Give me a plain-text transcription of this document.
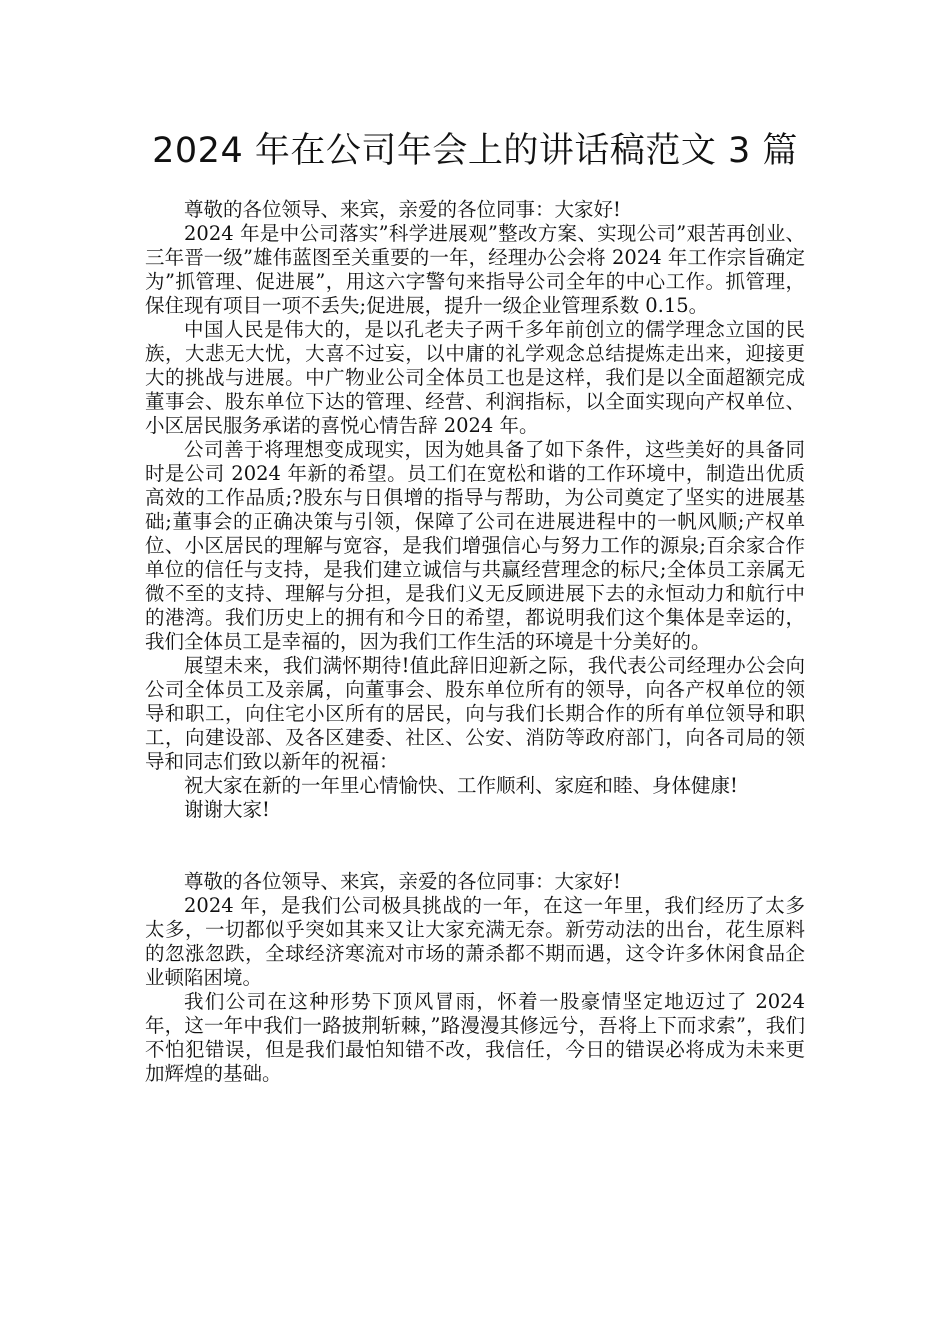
2024 年在公司年会上的讲话稿范文 3 篇

尊敬的各位领导、来宾，亲爱的各位同事：大家好!

2024 年是中公司落实”科学进展观”整改方案、实现公司”艰苦再创业、三年晋一级”雄伟蓝图至关重要的一年，经理办公会将 2024 年工作宗旨确定为”抓管理、促进展”，用这六字警句来指导公司全年的中心工作。抓管理，保住现有项目一项不丢失;促进展，提升一级企业管理系数 0.15。

中国人民是伟大的，是以孔老夫子两千多年前创立的儒学理念立国的民族，大悲无大忧，大喜不过妄，以中庸的礼学观念总结提炼走出来，迎接更大的挑战与进展。中广物业公司全体员工也是这样，我们是以全面超额完成董事会、股东单位下达的管理、经营、利润指标，以全面实现向产权单位、小区居民服务承诺的喜悦心情告辞 2024 年。

公司善于将理想变成现实，因为她具备了如下条件，这些美好的具备同时是公司 2024 年新的希望。员工们在宽松和谐的工作环境中，制造出优质高效的工作品质;?股东与日俱增的指导与帮助，为公司奠定了坚实的进展基础;董事会的正确决策与引领，保障了公司在进展进程中的一帆风顺;产权单位、小区居民的理解与宽容，是我们增强信心与努力工作的源泉;百余家合作单位的信任与支持，是我们建立诚信与共赢经营理念的标尺;全体员工亲属无微不至的支持、理解与分担，是我们义无反顾进展下去的永恒动力和航行中的港湾。我们历史上的拥有和今日的希望，都说明我们这个集体是幸运的，我们全体员工是幸福的，因为我们工作生活的环境是十分美好的。

展望未来，我们满怀期待!值此辞旧迎新之际，我代表公司经理办公会向公司全体员工及亲属，向董事会、股东单位所有的领导，向各产权单位的领导和职工，向住宅小区所有的居民，向与我们长期合作的所有单位领导和职工，向建设部、及各区建委、社区、公安、消防等政府部门，向各司局的领导和同志们致以新年的祝福：

祝大家在新的一年里心情愉快、工作顺利、家庭和睦、身体健康!

谢谢大家!

尊敬的各位领导、来宾，亲爱的各位同事：大家好!

2024 年，是我们公司极具挑战的一年，在这一年里，我们经历了太多太多，一切都似乎突如其来又让大家充满无奈。新劳动法的出台，花生原料的忽涨忽跌，全球经济寒流对市场的萧杀都不期而遇，这令许多休闲食品企业顿陷困境。

我们公司在这种形势下顶风冒雨，怀着一股豪情坚定地迈过了 2024 年，这一年中我们一路披荆斩棘，”路漫漫其修远兮，吾将上下而求索”，我们不怕犯错误，但是我们最怕知错不改，我信任，今日的错误必将成为未来更加辉煌的基础。
